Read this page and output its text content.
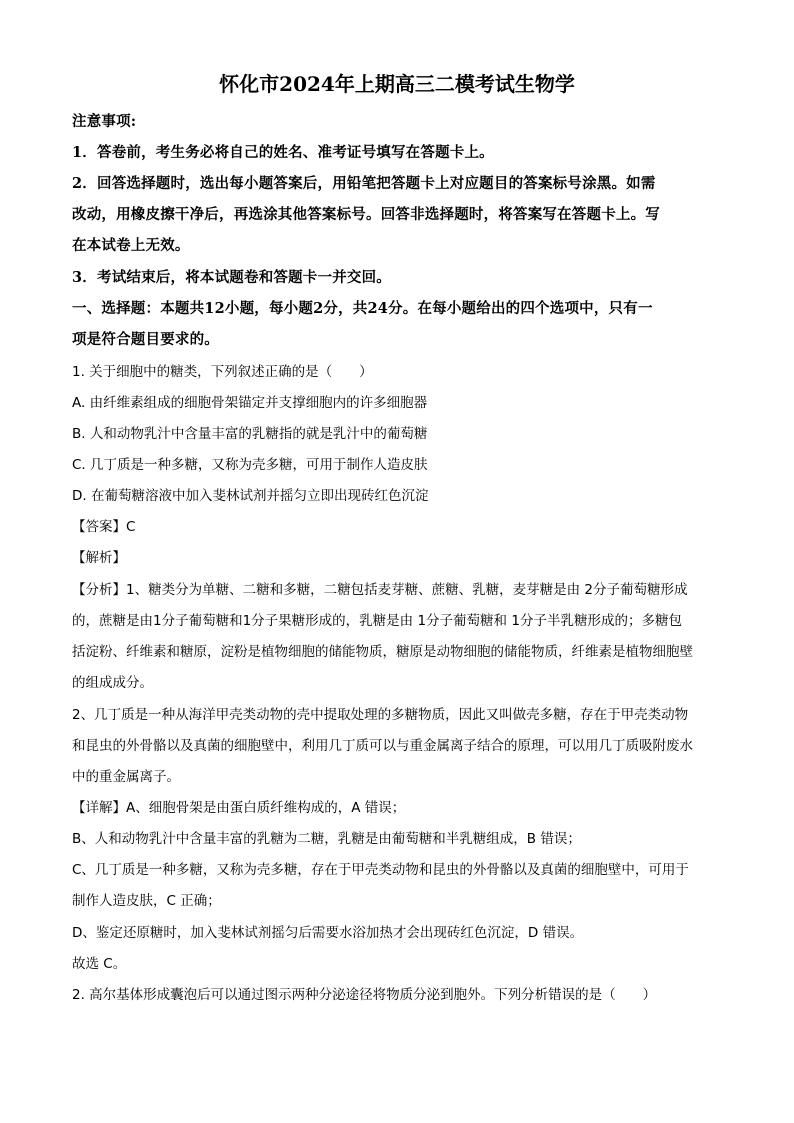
怀化市2024年上期高三二模考试生物学
注意事项:
1．答卷前，考生务必将自己的姓名、准考证号填写在答题卡上。
2．回答选择题时，选出每小题答案后，用铅笔把答题卡上对应题目的答案标号涂黑。如需
改动，用橡皮擦干净后，再选涂其他答案标号。回答非选择题时，将答案写在答题卡上。写
在本试卷上无效。
3．考试结束后，将本试题卷和答题卡一并交回。
一、选择题：本题共12小题，每小题2分，共24分。在每小题给出的四个选项中，只有一
项是符合题目要求的。
1. 关于细胞中的糖类，下列叙述正确的是（　　）
A. 由纤维素组成的细胞骨架锚定并支撑细胞内的许多细胞器
B. 人和动物乳汁中含量丰富的乳糖指的就是乳汁中的葡萄糖
C. 几丁质是一种多糖，又称为壳多糖，可用于制作人造皮肤
D. 在葡萄糖溶液中加入斐林试剂并摇匀立即出现砖红色沉淀
【答案】C
【解析】
【分析】1、糖类分为单糖、二糖和多糖，二糖包括麦芽糖、蔗糖、乳糖，麦芽糖是由 2分子葡萄糖形成
的，蔗糖是由1分子葡萄糖和1分子果糖形成的，乳糖是由 1分子葡萄糖和 1分子半乳糖形成的；多糖包
括淀粉、纤维素和糖原，淀粉是植物细胞的储能物质，糖原是动物细胞的储能物质，纤维素是植物细胞壁
的组成成分。
2、几丁质是一种从海洋甲壳类动物的壳中提取处理的多糖物质，因此又叫做壳多糖，存在于甲壳类动物
和昆虫的外骨骼以及真菌的细胞壁中，利用几丁质可以与重金属离子结合的原理，可以用几丁质吸附废水
中的重金属离子。
【详解】A、细胞骨架是由蛋白质纤维构成的，A 错误；
B、人和动物乳汁中含量丰富的乳糖为二糖，乳糖是由葡萄糖和半乳糖组成，B 错误；
C、几丁质是一种多糖，又称为壳多糖，存在于甲壳类动物和昆虫的外骨骼以及真菌的细胞壁中，可用于
制作人造皮肤，C 正确；
D、鉴定还原糖时，加入斐林试剂摇匀后需要水浴加热才会出现砖红色沉淀，D 错误。
故选 C。
2. 高尔基体形成囊泡后可以通过图示两种分泌途径将物质分泌到胞外。下列分析错误的是（　　）
